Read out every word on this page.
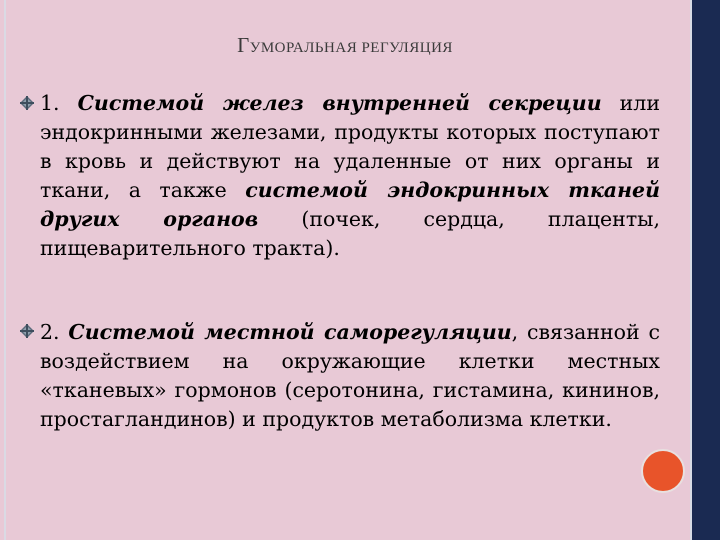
ГУМОРАЛЬНАЯ РЕГУЛЯЦИЯ
1. Системой желез внутренней секреции или эндокринными железами, продукты которых поступают в кровь и действуют на удаленные от них органы и ткани, а также системой эндокринных тканей других органов (почек, сердца, плаценты, пищеварительного тракта).
2. Системой местной саморегуляции, связанной с воздействием на окружающие клетки местных «тканевых» гормонов (серотонина, гистамина, кининов, простагландинов) и продуктов метаболизма клетки.
